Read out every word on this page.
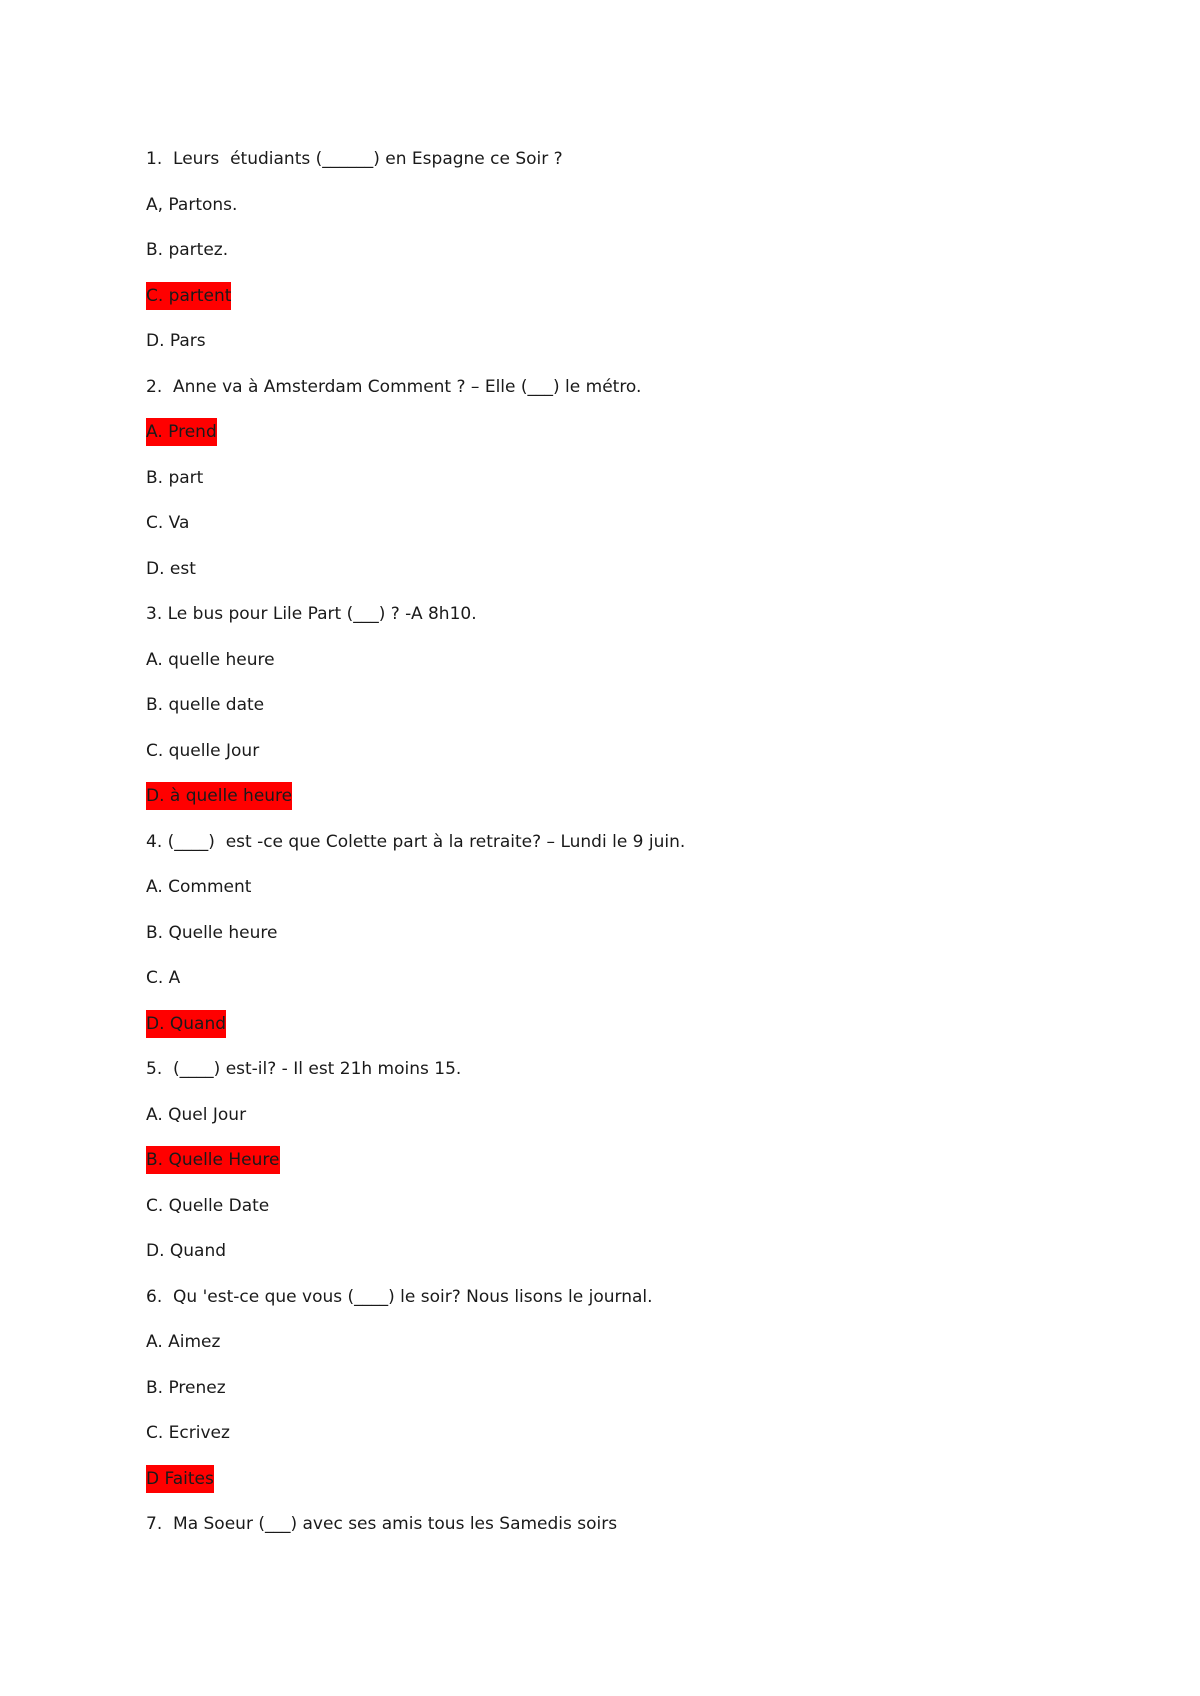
1.  Leurs  étudiants (______) en Espagne ce Soir ?
A, Partons.
B. partez.
C. partent
D. Pars
2.  Anne va à Amsterdam Comment ? – Elle (___) le métro.
A. Prend
B. part
C. Va
D. est
3. Le bus pour Lile Part (___) ? -A 8h10.
A. quelle heure
B. quelle date
C. quelle Jour
D. à quelle heure
4. (____)  est -ce que Colette part à la retraite? – Lundi le 9 juin.
A. Comment
B. Quelle heure
C. A
D. Quand
5.  (____) est-il? - Il est 21h moins 15.
A. Quel Jour
B. Quelle Heure
C. Quelle Date
D. Quand
6.  Qu 'est-ce que vous (____) le soir? Nous lisons le journal.
A. Aimez
B. Prenez
C. Ecrivez
D Faites
7.  Ma Soeur (___) avec ses amis tous les Samedis soirs
